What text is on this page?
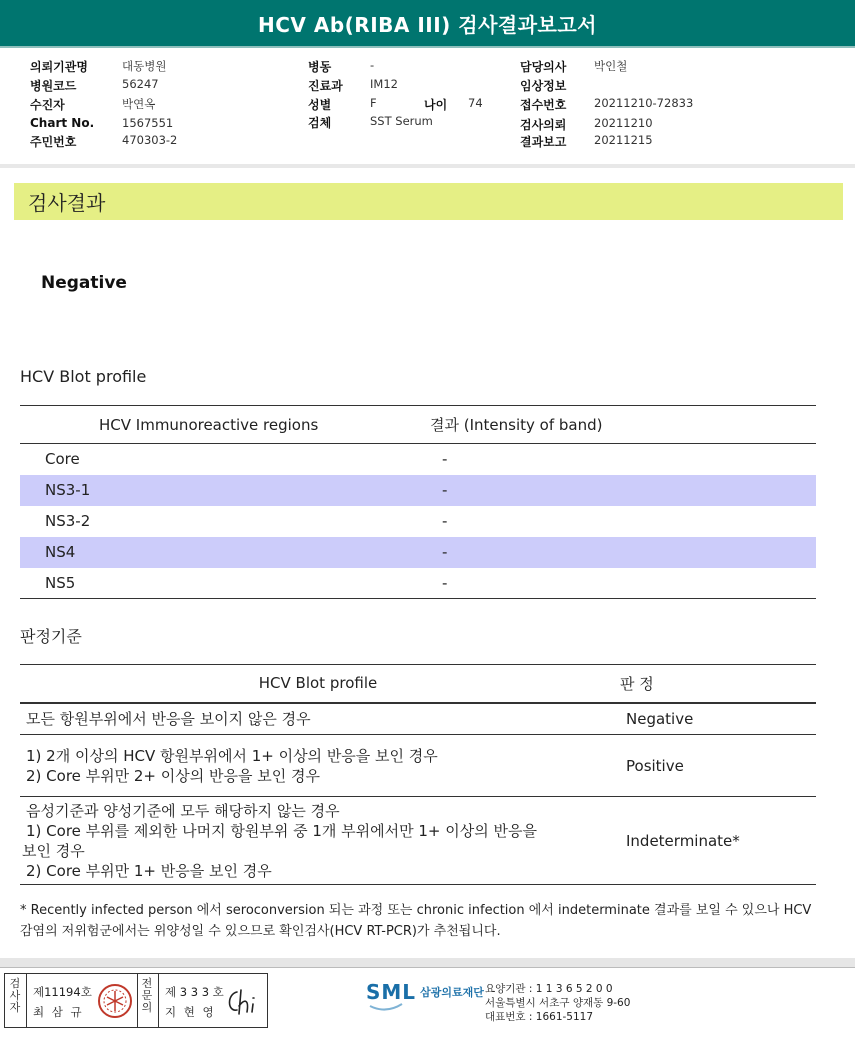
HCV Ab(RIBA III) 검사결과보고서
의뢰기관명	대동병원
병원코드	56247
수진자	박연옥
Chart No. 1567551
주민번호	470303-2
병동	-
진료과 IM12
성별	F	나이 74
검체	SST Serum
담당의사 박인철
임상정보
접수번호 20211210-72833
검사의뢰 20211210
결과보고 20211215
검사결과
Negative
HCV Blot profile
HCV Immunoreactive regions	결과 (Intensity of band)
Core	-
NS3-1	-
NS3-2	-
NS4	-
NS5	-
판정기준
HCV Blot profile	판 정

모든 항원부위에서 반응을 보이지 않은 경우	Negative

1) 2개 이상의 HCV 항원부위에서 1+ 이상의 반응을 보인 경우
2) Core 부위만 2+ 이상의 반응을 보인 경우	Positive

음성기준과 양성기준에 모두 해당하지 않는 경우
1) Core 부위를 제외한 나머지 항원부위 중 1개 부위에서만 1+ 이상의 반응을
보인 경우
2) Core 부위만 1+ 반응을 보인 경우	Indeterminate*
* Recently infected person 에서 seroconversion 되는 과정 또는 chronic infection 에서 indeterminate 결과를 보일 수 있으나 HCV 감염의 저위험군에서는 위양성일 수 있으므로 확인검사(HCV RT-PCR)가 추천됩니다.
검
사
자
제11194호
최 삼 규
전
문
의
제 3 3 3 호
지 현 영
SML 삼광의료재단 요양기관 : 1 1 3 6 5 2 0 0
서울특별시 서초구 양재동 9-60
대표번호 : 1661-5117
